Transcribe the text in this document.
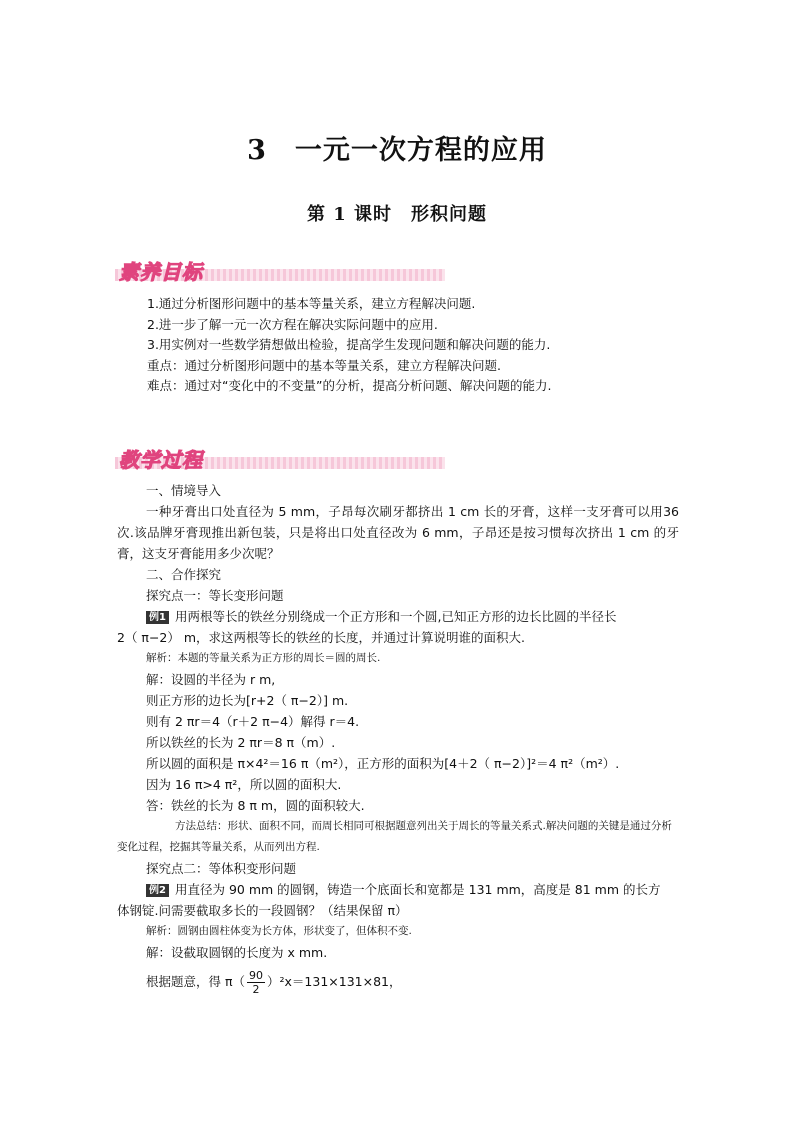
3　一元一次方程的应用
第 1 课时　形积问题
素养目标
1.通过分析图形问题中的基本等量关系，建立方程解决问题.
2.进一步了解一元一次方程在解决实际问题中的应用.
3.用实例对一些数学猜想做出检验，提高学生发现问题和解决问题的能力.
重点：通过分析图形问题中的基本等量关系，建立方程解决问题.
难点：通过对“变化中的不变量”的分析，提高分析问题、解决问题的能力.
教学过程
一、情境导入
一种牙膏出口处直径为 5 mm，子昂每次刷牙都挤出 1 cm 长的牙膏，这样一支牙膏可以用36 次.该品牌牙膏现推出新包装，只是将出口处直径改为 6 mm，子昂还是按习惯每次挤出 1 cm 的牙膏，这支牙膏能用多少次呢？
二、合作探究
探究点一：等长变形问题
例1 用两根等长的铁丝分别绕成一个正方形和一个圆,已知正方形的边长比圆的半径长
2（ π−2） m，求这两根等长的铁丝的长度，并通过计算说明谁的面积大.
解析：本题的等量关系为正方形的周长＝圆的周长.
解：设圆的半径为 r m,
则正方形的边长为[r+2（ π−2）] m.
则有 2 πr＝4（r＋2 π−4）解得 r＝4.
所以铁丝的长为 2 πr＝8 π（m）.
所以圆的面积是 π×4²＝16 π（m²），正方形的面积为[4＋2（ π−2）]²＝4 π²（m²）.
因为 16 π>4 π²，所以圆的面积大.
答：铁丝的长为 8 π m，圆的面积较大.
方法总结：形状、面积不同，而周长相同可根据题意列出关于周长的等量关系式.解决问题的关键是通过分析变化过程，挖掘其等量关系，从而列出方程.
探究点二：等体积变形问题
例2 用直径为 90 mm 的圆钢，铸造一个底面长和宽都是 131 mm，高度是 81 mm 的长方
体钢锭.问需要截取多长的一段圆钢？（结果保留 π）
解析：圆钢由圆柱体变为长方体，形状变了，但体积不变.
解：设截取圆钢的长度为 x mm.
根据题意，得 $\pi( \frac{90}{2} )^2x=131\times 131\times 81$，
